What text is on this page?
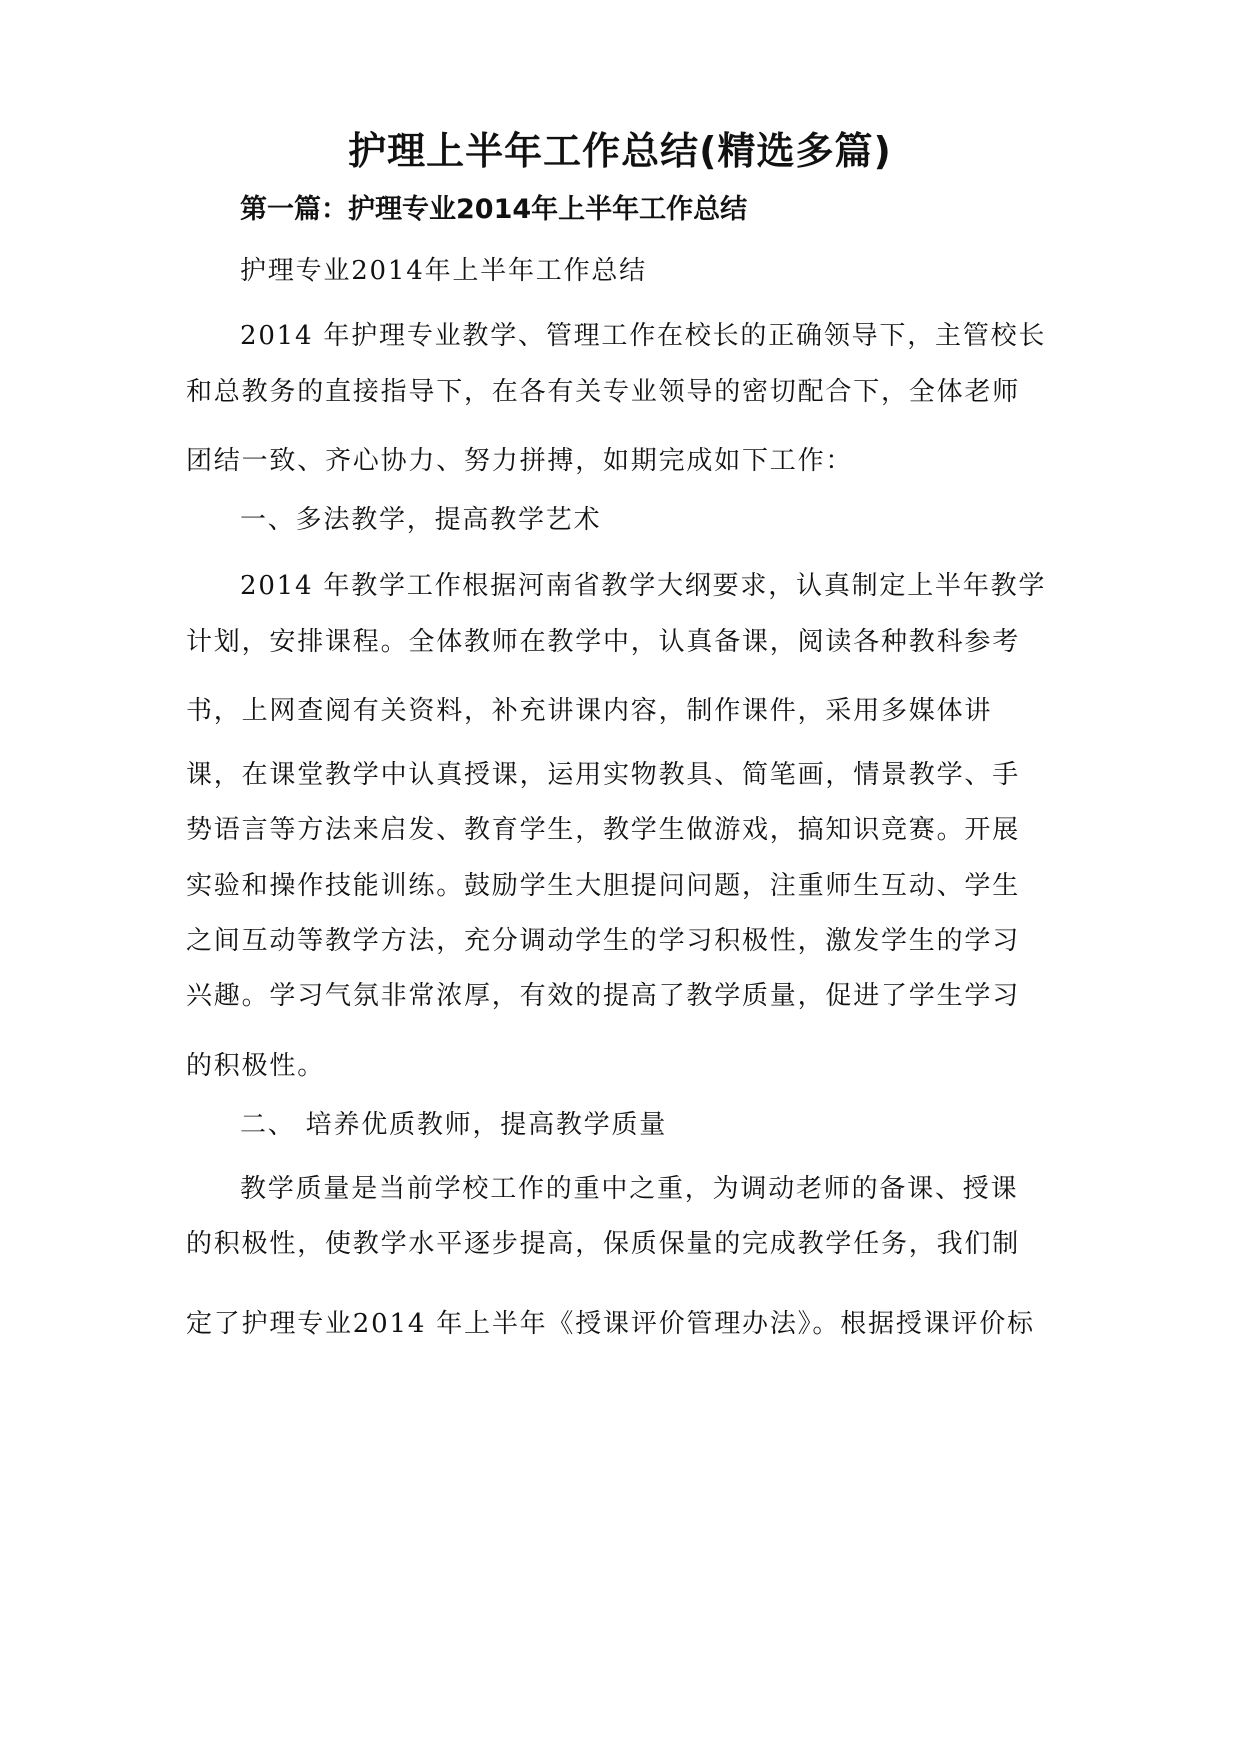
护理上半年工作总结(精选多篇)
第一篇：护理专业2014年上半年工作总结
护理专业2014年上半年工作总结
2014 年护理专业教学、管理工作在校长的正确领导下，主管校长
和总教务的直接指导下，在各有关专业领导的密切配合下，全体老师
团结一致、齐心协力、努力拼搏，如期完成如下工作：
一、多法教学，提高教学艺术
2014 年教学工作根据河南省教学大纲要求，认真制定上半年教学
计划，安排课程。全体教师在教学中，认真备课，阅读各种教科参考
书，上网查阅有关资料，补充讲课内容，制作课件，采用多媒体讲
课，在课堂教学中认真授课，运用实物教具、简笔画，情景教学、手
势语言等方法来启发、教育学生，教学生做游戏，搞知识竞赛。开展
实验和操作技能训练。鼓励学生大胆提问问题，注重师生互动、学生
之间互动等教学方法，充分调动学生的学习积极性，激发学生的学习
兴趣。学习气氛非常浓厚，有效的提高了教学质量，促进了学生学习
的积极性。
二、 培养优质教师，提高教学质量
教学质量是当前学校工作的重中之重，为调动老师的备课、授课
的积极性，使教学水平逐步提高，保质保量的完成教学任务，我们制
定了护理专业2014 年上半年《授课评价管理办法》。根据授课评价标
